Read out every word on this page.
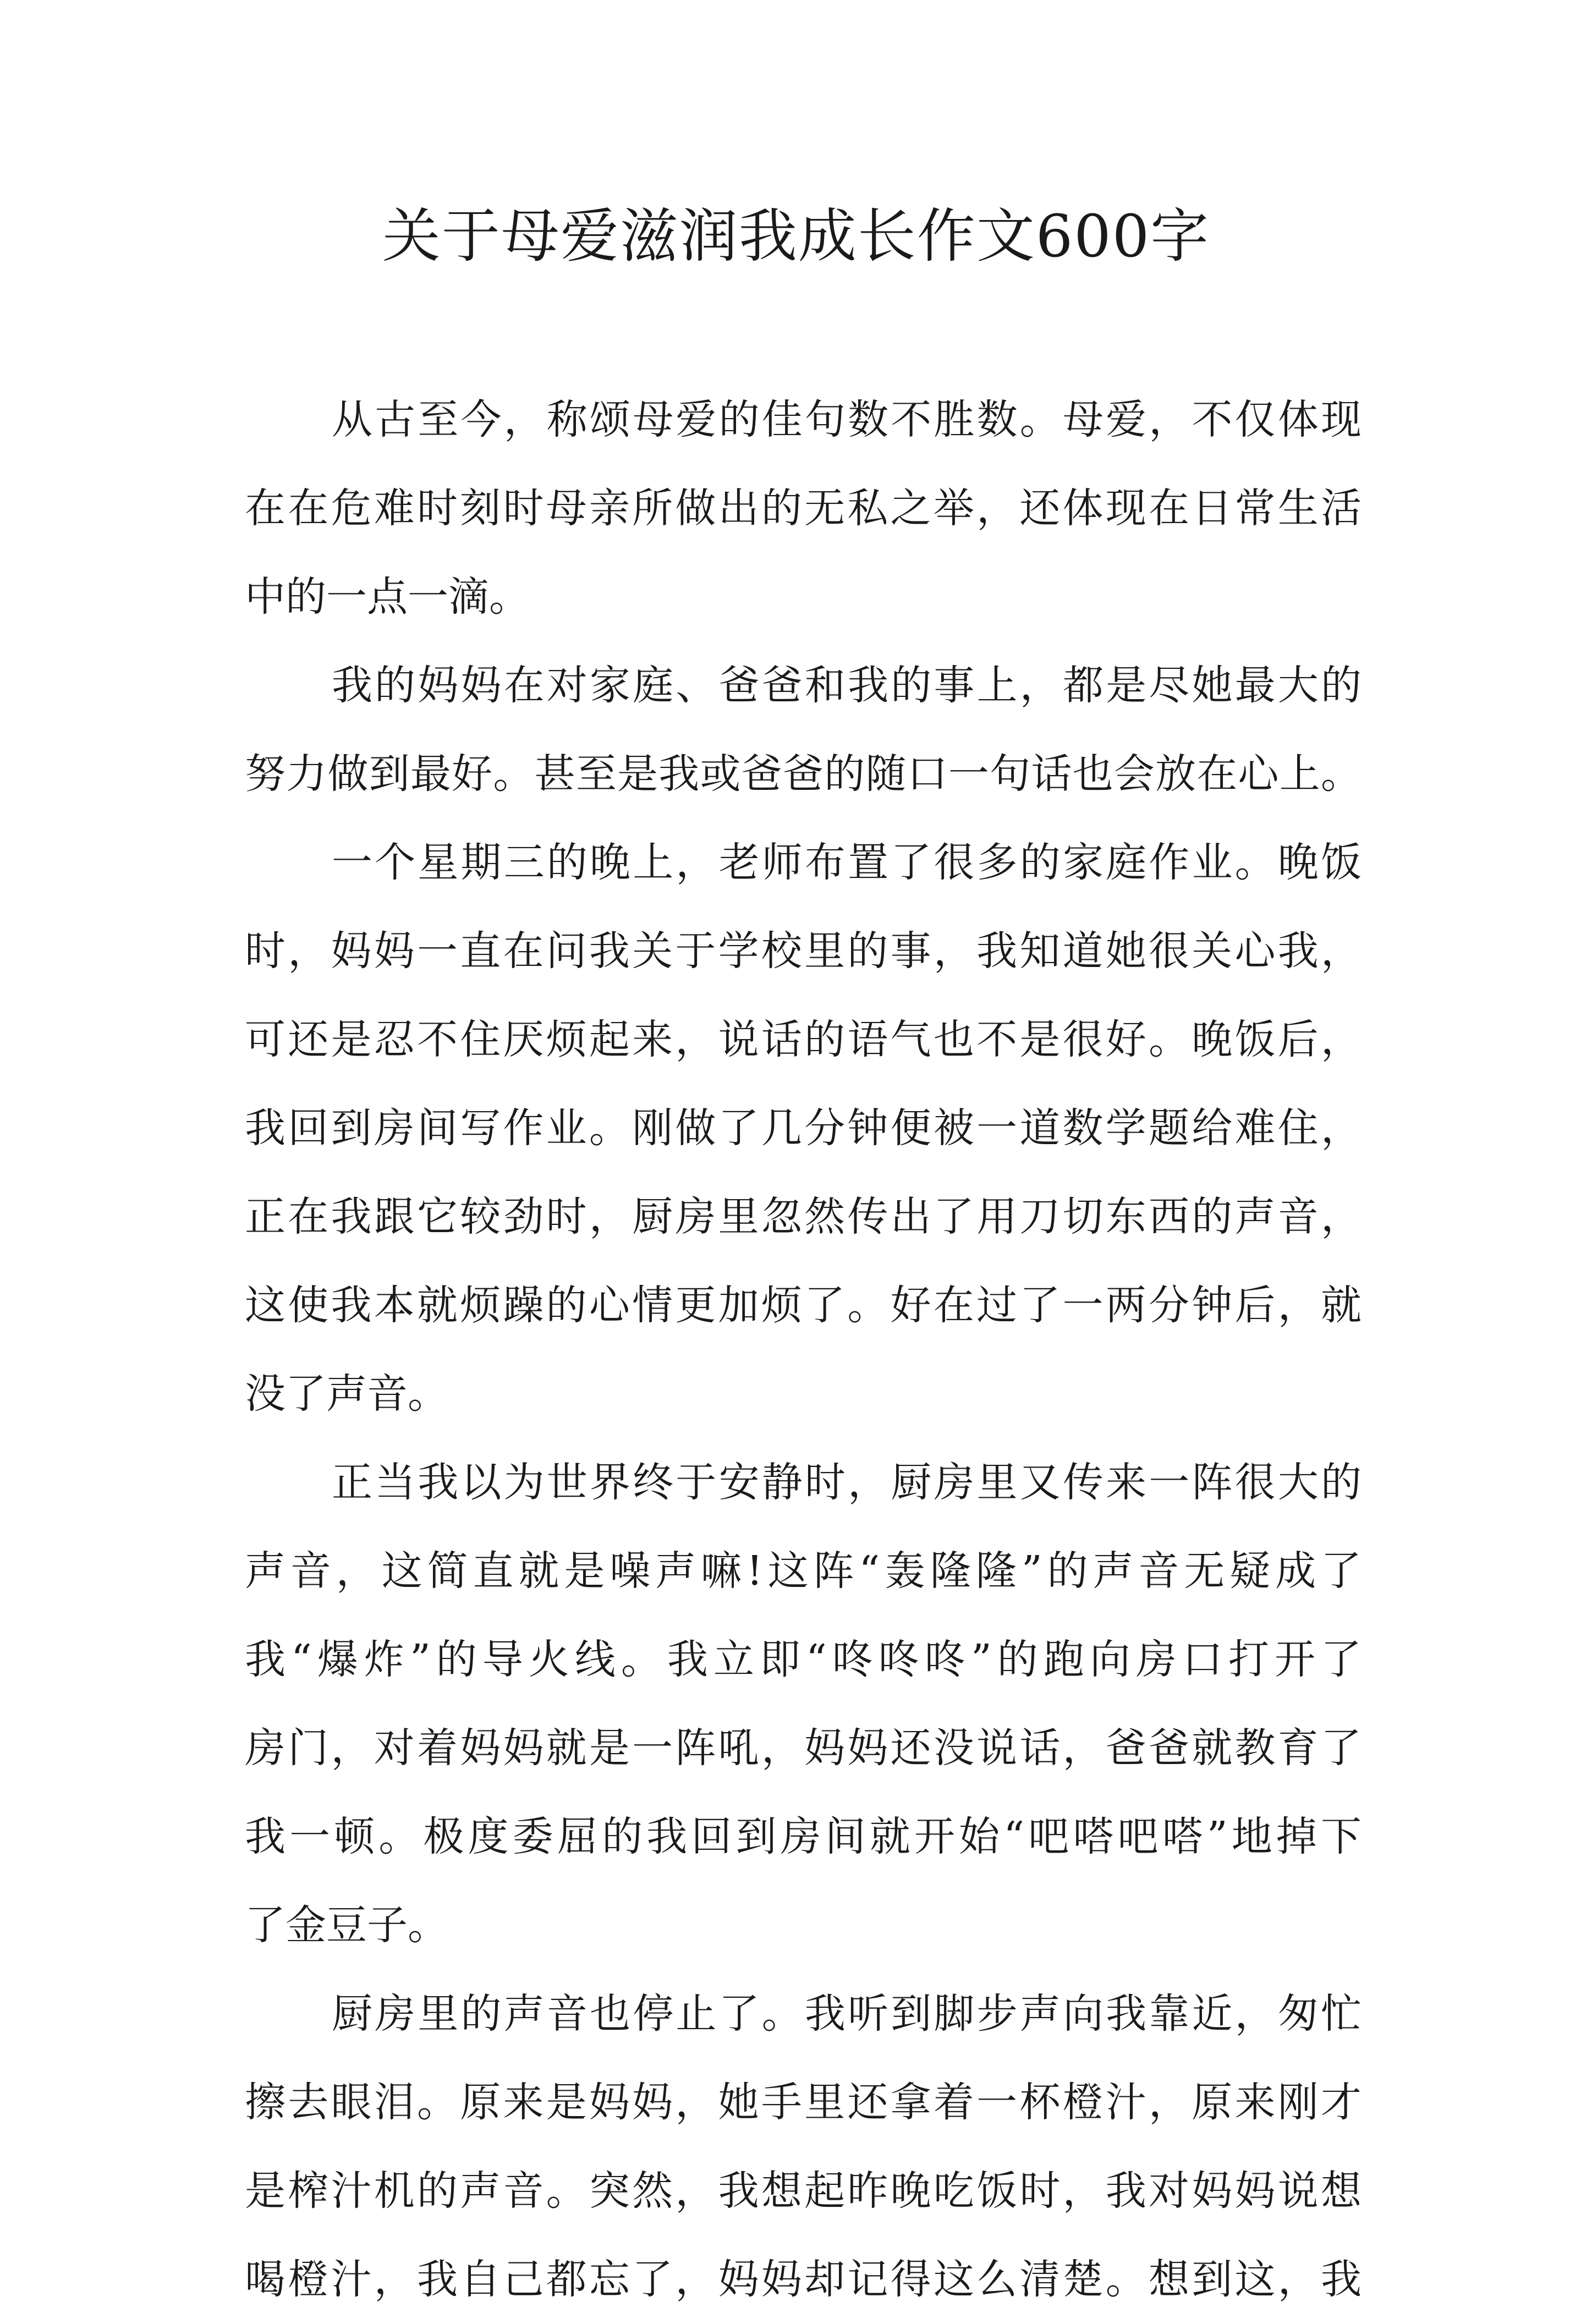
关于母爱滋润我成长作文600字
从古至今，称颂母爱的佳句数不胜数。母爱，不仅体现
在在危难时刻时母亲所做出的无私之举，还体现在日常生活
中的一点一滴。
我的妈妈在对家庭、爸爸和我的事上，都是尽她最大的
努力做到最好。甚至是我或爸爸的随口一句话也会放在心上。
一个星期三的晚上，老师布置了很多的家庭作业。晚饭
时，妈妈一直在问我关于学校里的事，我知道她很关心我，
可还是忍不住厌烦起来，说话的语气也不是很好。晚饭后，
我回到房间写作业。刚做了几分钟便被一道数学题给难住，
正在我跟它较劲时，厨房里忽然传出了用刀切东西的声音，
这使我本就烦躁的心情更加烦了。好在过了一两分钟后，就
没了声音。
正当我以为世界终于安静时，厨房里又传来一阵很大的
声音，这简直就是噪声嘛!这阵“轰隆隆”的声音无疑成了
我“爆炸”的导火线。我立即“咚咚咚”的跑向房口打开了
房门，对着妈妈就是一阵吼，妈妈还没说话，爸爸就教育了
我一顿。极度委屈的我回到房间就开始“吧嗒吧嗒”地掉下
了金豆子。
厨房里的声音也停止了。我听到脚步声向我靠近，匆忙
擦去眼泪。原来是妈妈，她手里还拿着一杯橙汁，原来刚才
是榨汁机的声音。突然，我想起昨晚吃饭时，我对妈妈说想
喝橙汁，我自己都忘了，妈妈却记得这么清楚。想到这，我
